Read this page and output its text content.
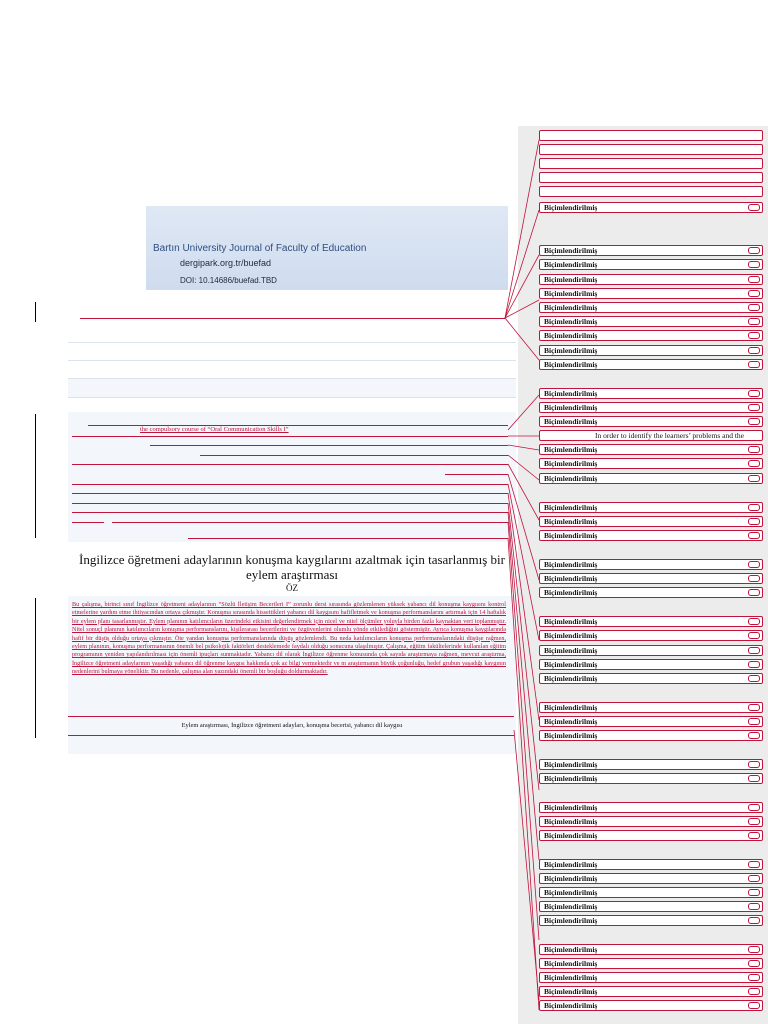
Bartın University Journal of Faculty of Education
dergipark.org.tr/buefad
DOI: 10.14686/buefad.TBD
the compulsory course of “Oral Communication Skills I”
İngilizce öğretmeni adaylarının konuşma kaygılarını azaltmak için tasarlanmış bir eylem araştırması
ÖZ

Bu çalışma, birinci sınıf İngilizce öğretmeni adaylarının “Sözlü İletişim Becerileri I” zorunlu dersi sırasında gözlemlenen yüksek yabancı dil konuşma kaygısını kontrol etmelerine yardım etme ihtiyacından ortaya çıkmıştır. Konuşma sırasında hissettikleri yabancı dil kaygısını hafifletmek ve konuşma performanslarını artırmak için 14 haftalık bir eylem planı tasarlanmıştır. Eylem planının katılımcıların üzerindeki etkisini değerlendirmek için nicel ve nitel ölçümler yoluyla birden fazla kaynaktan veri toplanmıştır. Nitel sonuçl planının katılımcıların konuşma performanslarını, kişilerarası becerilerini ve özgüvenlerini olumlu yönde etkilediğini göstermiştir. Ayrıca konuşma kaygılarında hafif bir düşüş olduğu ortaya çıkmıştır. Öte yandan konuşma performanslarında düşüş gözlemlendi. Bu neda katılımcıların konuşma performanslarındaki düşüşe rağmen, eylem planının, konuşma performansının önemli bel psikolojik faktörleri desteklemede faydalı olduğu sonucuna ulaşılmıştır. Çalışma, eğitim fakültelerinde kullanılan eğitim programının yeniden yapılandırılması için önemli ipuçları sunmaktadır. Yabancı dil olarak İngilizce öğrenme konusunda çok sayıda araştırmaya rağmen, mevcut araştırma, İngilizce öğretmeni adaylarının yaşadığı yabancı dil öğrenme kaygısı hakkında çok az bilgi vermektedir ve m araştırmanın büyük çoğunluğu, hedef grubun yaşadığı kaygının nedenlerini bulmaya yöneliktir. Bu nedenle, çalışma alan yazındaki önemli bir boşluğu doldurmaktadır.

Eylem araştırması, İngilizce öğretmeni adayları, konuşma becerisi, yabancı dil kaygısı
Biçimlendirilmiş
Biçimlendirilmiş
Biçimlendirilmiş
Biçimlendirilmiş
Biçimlendirilmiş
Biçimlendirilmiş
Biçimlendirilmiş
Biçimlendirilmiş
Biçimlendirilmiş
Biçimlendirilmiş
Biçimlendirilmiş
Biçimlendirilmiş
Biçimlendirilmiş
Biçimlendirilmiş
Biçimlendirilmiş
Biçimlendirilmiş
Biçimlendirilmiş
Biçimlendirilmiş
Biçimlendirilmiş
Biçimlendirilmiş
Biçimlendirilmiş
Biçimlendirilmiş
Biçimlendirilmiş
Biçimlendirilmiş
Biçimlendirilmiş
Biçimlendirilmiş
Biçimlendirilmiş
Biçimlendirilmiş
Biçimlendirilmiş
Biçimlendirilmiş
Biçimlendirilmiş
Biçimlendirilmiş
Biçimlendirilmiş
Biçimlendirilmiş
Biçimlendirilmiş
Biçimlendirilmiş
Biçimlendirilmiş
Biçimlendirilmiş
Biçimlendirilmiş
Biçimlendirilmiş
Biçimlendirilmiş
Biçimlendirilmiş
Biçimlendirilmiş
Biçimlendirilmiş
Biçimlendirilmiş
In order to identify the learners’ problems and the
